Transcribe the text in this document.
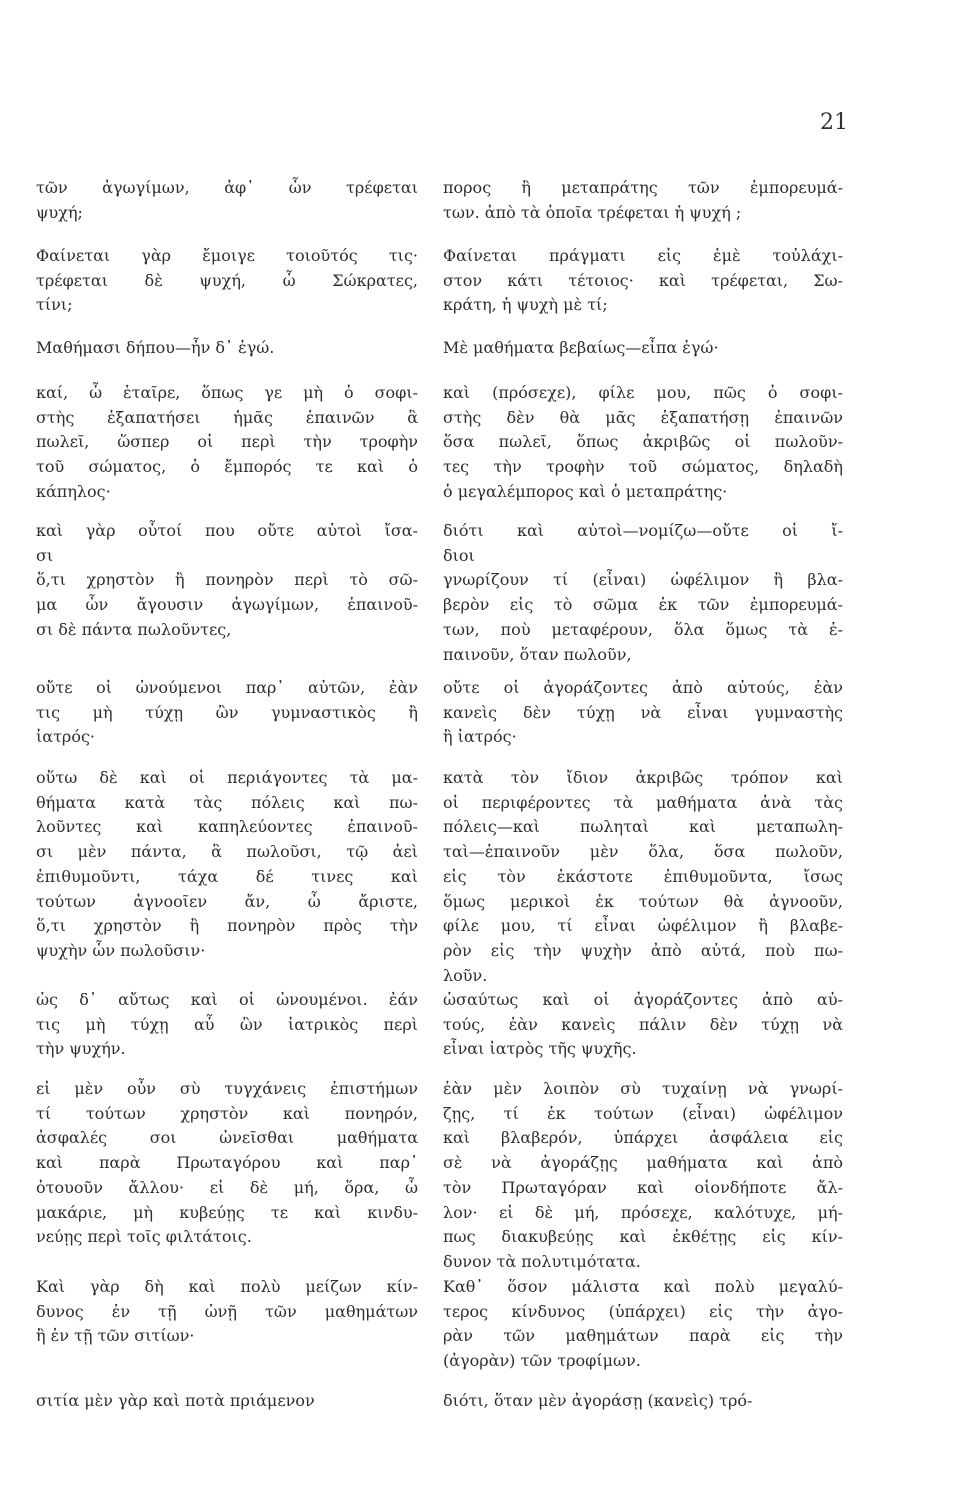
21
τῶν ἀγωγίμων, ἀφ᾽ ὧν τρέφεται
ψυχή;
Φαίνεται γὰρ ἔμοιγε τοιοῦτός τις·
τρέφεται δὲ ψυχή, ὦ Σώκρατες,
τίνι;
Μαθήμασι δήπου—ἦν δ᾽ ἐγώ.
καί, ὦ ἑταῖρε, ὅπως γε μὴ ὁ σοφι-
στὴς ἐξαπατήσει ἡμᾶς ἐπαινῶν ἃ
πωλεῖ, ὥσπερ οἱ περὶ τὴν τροφὴν
τοῦ σώματος, ὁ ἔμπορός τε καὶ ὁ
κάπηλος·
καὶ γὰρ οὗτοί που οὔτε αὐτοὶ ἴσα-
σι
ὅ,τι χρηστὸν ἢ πονηρὸν περὶ τὸ σῶ-
μα ὧν ἄγουσιν ἀγωγίμων, ἐπαινοῦ-
σι δὲ πάντα πωλοῦντες,
οὔτε οἱ ὠνούμενοι παρ᾽ αὐτῶν, ἐὰν
τις μὴ τύχῃ ὢν γυμναστικὸς ἢ
ἰατρός·
οὕτω δὲ καὶ οἱ περιάγοντες τὰ μα-
θήματα κατὰ τὰς πόλεις καὶ πω-
λοῦντες καὶ καπηλεύοντες ἐπαινοῦ-
σι μὲν πάντα, ἃ πωλοῦσι, τῷ ἀεὶ
ἐπιθυμοῦντι, τάχα δέ τινες καὶ
τούτων ἀγνοοῖεν ἄν, ὦ ἄριστε,
ὅ,τι χρηστὸν ἢ πονηρὸν πρὸς τὴν
ψυχὴν ὧν πωλοῦσιν·
ὡς δ᾽ αὔτως καὶ οἱ ὠνουμένοι. ἐάν
τις μὴ τύχῃ αὖ ὢν ἰατρικὸς περὶ
τὴν ψυχήν.
εἰ μὲν οὖν σὺ τυγχάνεις ἐπιστήμων
τί τούτων χρηστὸν καὶ πονηρόν,
ἀσφαλές σοι ὠνεῖσθαι μαθήματα
καὶ παρὰ Πρωταγόρου καὶ παρ᾽
ὁτουοῦν ἄλλου· εἰ δὲ μή, ὅρα, ὦ
μακάριε, μὴ κυβεύῃς τε καὶ κινδυ-
νεύῃς περὶ τοῖς φιλτάτοις.
Καὶ γὰρ δὴ καὶ πολὺ μείζων κίν-
δυνος ἐν τῇ ὠνῇ τῶν μαθημάτων
ἢ ἐν τῇ τῶν σιτίων·
σιτία μὲν γὰρ καὶ ποτὰ πριάμενον
πορος ἢ μεταπράτης τῶν ἐμπορευμά-
των. ἀπὸ τὰ ὁποῖα τρέφεται ἡ ψυχή ;
Φαίνεται πράγματι εἰς ἐμὲ τοὐλάχι-
στον κάτι τέτοιος· καὶ τρέφεται, Σω-
κράτη, ἡ ψυχὴ μὲ τί;
Μὲ μαθήματα βεβαίως—εἶπα ἐγώ·
καὶ (πρόσεχε), φίλε μου, πῶς ὁ σοφι-
στὴς δὲν θὰ μᾶς ἐξαπατήσῃ ἐπαινῶν
ὅσα πωλεῖ, ὅπως ἀκριβῶς οἱ πωλοῦν-
τες τὴν τροφὴν τοῦ σώματος, δηλαδὴ
ὁ μεγαλέμπορος καὶ ὁ μεταπράτης·
διότι καὶ αὐτοὶ—νομίζω—οὔτε οἱ ἴ-
διοι
γνωρίζουν τί (εἶναι) ὠφέλιμον ἢ βλα-
βερὸν εἰς τὸ σῶμα ἐκ τῶν ἐμπορευμά-
των, ποὺ μεταφέρουν, ὅλα ὅμως τὰ ἐ-
παινοῦν, ὅταν πωλοῦν,
οὔτε οἱ ἀγοράζοντες ἀπὸ αὐτούς, ἐὰν
κανεὶς δὲν τύχῃ νὰ εἶναι γυμναστὴς
ἢ ἰατρός·
κατὰ τὸν ἴδιον ἀκριβῶς τρόπον καὶ
οἱ περιφέροντες τὰ μαθήματα ἀνὰ τὰς
πόλεις—καὶ πωληταὶ καὶ μεταπωλη-
ταὶ—ἐπαινοῦν μὲν ὅλα, ὅσα πωλοῦν,
εἰς τὸν ἑκάστοτε ἐπιθυμοῦντα, ἴσως
ὅμως μερικοὶ ἐκ τούτων θὰ ἀγνοοῦν,
φίλε μου, τί εἶναι ὠφέλιμον ἢ βλαβε-
ρὸν εἰς τὴν ψυχὴν ἀπὸ αὐτά, ποὺ πω-
λοῦν.
ὡσαύτως καὶ οἱ ἀγοράζοντες ἀπὸ αὐ-
τούς, ἐὰν κανεὶς πάλιν δὲν τύχῃ νὰ
εἶναι ἰατρὸς τῆς ψυχῆς.
ἐὰν μὲν λοιπὸν σὺ τυχαίνῃ νὰ γνωρί-
ζῃς, τί ἐκ τούτων (εἶναι) ὠφέλιμον
καὶ βλαβερόν, ὑπάρχει ἀσφάλεια εἰς
σὲ νὰ ἀγοράζῃς μαθήματα καὶ ἀπὸ
τὸν Πρωταγόραν καὶ οἱονδήποτε ἄλ-
λον· εἰ δὲ μή, πρόσεχε, καλότυχε, μή-
πως διακυβεύῃς καὶ ἐκθέτῃς εἰς κίν-
δυνον τὰ πολυτιμότατα.
Καθ᾽ ὅσον μάλιστα καὶ πολὺ μεγαλύ-
τερος κίνδυνος (ὑπάρχει) εἰς τὴν ἀγο-
ρὰν τῶν μαθημάτων παρὰ εἰς τὴν
(ἀγορὰν) τῶν τροφίμων.
διότι, ὅταν μὲν ἀγοράσῃ (κανεὶς) τρό-
